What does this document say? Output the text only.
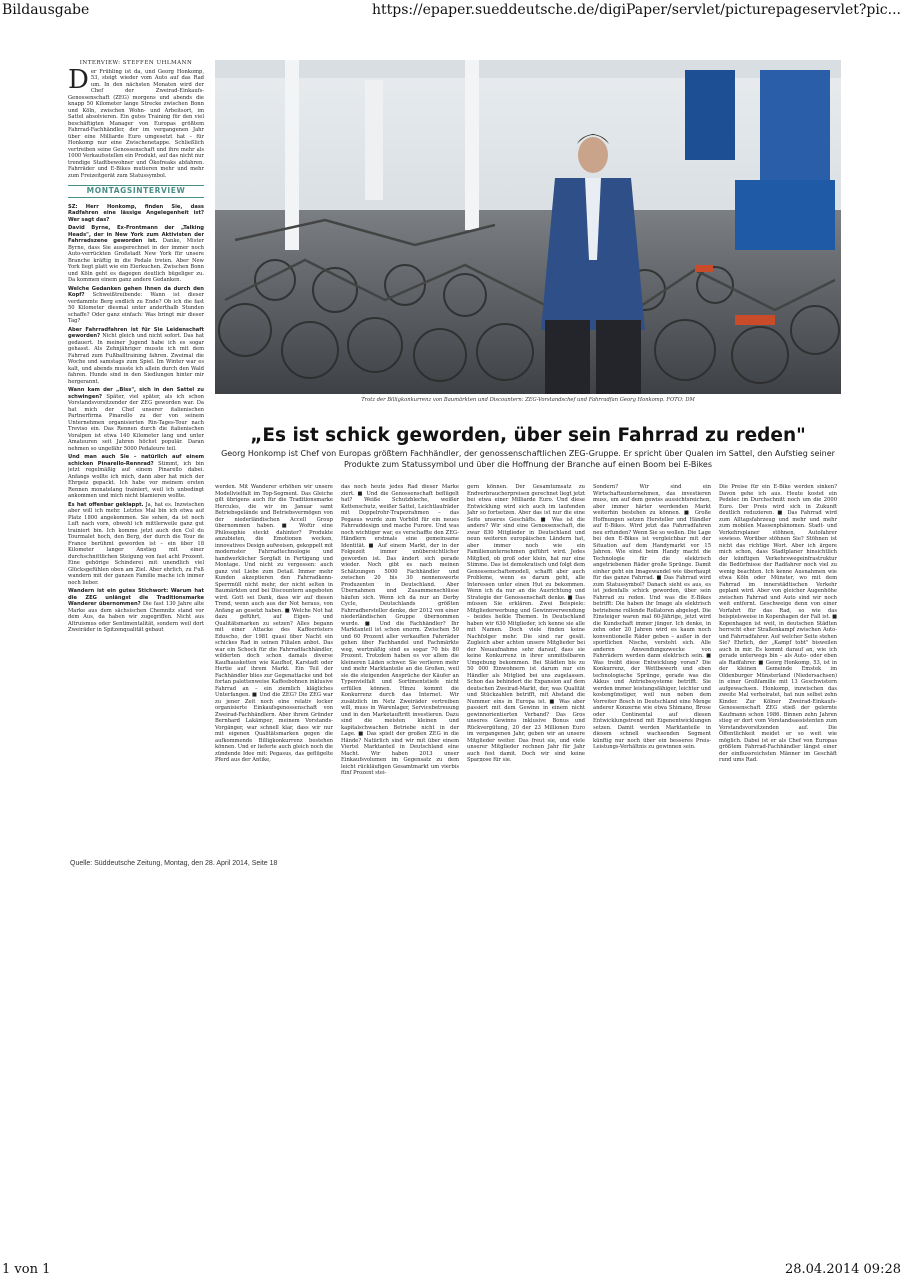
Bildausgabe	https://epaper.sueddeutsche.de/digiPaper/servlet/picturepageservlet?pic...

INTERVIEW: STEFFEN UHLMANN

Der Frühling ist da, und Georg Honkomp, 53, steigt wieder vom Auto auf das Rad um. In den nächsten Monaten wird der Chef der Zweirad-Einkaufs-Genossenschaft (ZEG) morgens und abends die knapp 50 Kilometer lange Strecke zwischen Bonn und Köln, zwischen Wohn- und Arbeitsort, im Sattel absolvieren. Ein gutes Training für den viel beschäftigten Manager von Europas größtem Fahrrad-Fachhändler, der im vergangenen Jahr über eine Milliarde Euro umgesetzt hat – für Honkomp nur eine Zwischenetappe. Schließlich vertreiben seine Genossenschaft und ihre mehr als 1000 Verkaufsstellen ein Produkt, auf das nicht nur trendige Stadtbewohner und Ökofreaks abfahren. Fahrräder und E-Bikes mutieren mehr und mehr zum Freizeitgerät zum Statussymbol.

MONTAGSINTERVIEW

SZ: Herr Honkomp, finden Sie, dass Radfahren eine lässige Angelegenheit ist? Wer sagt das?

David Byrne, Ex-Frontmann der „Talking Heads", der in New York zum Aktivisten der Fahrradszene geworden ist. Danke, Mister Byrne, dass Sie ausgerechnet in der immer noch Auto-verrückten Großstadt New York für unsere Branche kräftig in die Pedale treten. Aber New York liegt platt wie ein Eierkuchen. Zwischen Bonn und Köln geht es dagegen deutlich bügeliger zu. Da kommen einem ganz andere Gedanken.

Welche Gedanken gehen Ihnen da durch den Kopf? Schweißtreibende: Wann ist dieser verdammte Berg endlich zu Ende? Ob ich die fast 50 Kilometer diesmal unter anderthalb Stunden schaffe? Oder ganz einfach: Was bringt mir dieser Tag?

Aber Fahrradfahren ist für Sie Leidenschaft geworden? Nicht gleich und nicht sofort. Das hat gedauert. In meiner Jugend habe ich es sogar gehasst. Als Zehnjähriger musste ich mit dem Fahrrad zum Fußballtraining fahren. Zweimal die Woche und samstags zum Spiel. Im Winter war es kalt, und abends musste ich allein durch den Wald fahren. Hunde sind in den Siedlungen hinter mir hergerannt.

Wann kam der „Biss", sich in den Sattel zu schwingen? Später, viel später, als ich schon Vorstandsvorsitzender der ZEG geworden war. Da hat mich der Chef unserer italienischen Partnerfirma Pinarello zu der von seinem Unternehmen organisierten Rin-Tages-Tour nach Treviso ein. Das Rennen durch die italienischen Voralpen ist etwa 140 Kilometer lang und unter Amateuren seit Jahren höchst populär. Daran nehmen so ungefähr 5000 Pedaleure teil.

Und man auch Sie – natürlich auf einem schicken Pinarello-Rennrad? Stimmt, ich bin jetzt regelmäßig auf einem Pinarello dabei. Anfangs wollte ich mich, dann aber hat mich der Ehrgeiz gepackt. Ich habe vor meinem ersten Rennen monatelang trainiert, weil ich unbedingt ankommen und mich nicht blamieren wollte.

Es hat offenbar geklappt. Ja, hat es. Inzwischen aber will ich mehr. Letztes Mal bin ich etwa auf Platz 1800 angekommen. Sie sehen, da ist noch Luft nach vorn, obwohl ich mittlerweile ganz gut trainiert bin. Ich komme jetzt auch den Col du Tourmalet hoch, den Berg, der durch die Tour de France berühmt geworden ist – ein über 18 Kilometer langer Anstieg mit einer durchschnittlichen Steigung von fast acht Prozent. Eine gehörige Schinderei mit unendlich viel Glücksgefühlen oben am Ziel. Aber ehrlich, zu Fuß wandern mit der ganzen Familie mache ich immer noch lieber.

Wandern ist ein gutes Stichwort: Warum hat die ZEG unlängst die Traditionsmarke Wanderer übernommen? Die fast 130 Jahre alte Marke aus dem sächsischen Chemnitz stand vor dem Aus, da haben wir zugegriffen. Nicht aus Altruismus oder Sentimentalität, sondern weil dort Zweiräder in Spitzenqualität gebaut

Trotz der Billigkonkurrenz von Baumärkten und Discountern: ZEG-Vorstandschef und Fahrradfan Georg Honkomp. FOTO: DM
„Es ist schick geworden, über sein Fahrrad zu reden"
Georg Honkomp ist Chef von Europas größtem Fachhändler, der genossenschaftlichen ZEG-Gruppe. Er spricht über Qualen im Sattel, den Aufstieg seiner Produkte zum Statussymbol und über die Hoffnung der Branche auf einen Boom bei E-Bikes

werden. Mit Wanderer erhöhen wir unsere Modellvielfalt im Top-Segment. Das Gleiche gilt übrigens auch für die Traditionsmarke Hercules, die wir im Januar samt Betriebsgelände und Betriebsvermögen von der niederländischen Accell Group übernommen haben. ■ Wofür eine Philosophie steckt dahinter? Produkte anzubieten, die Emotionen wecken, innovatives Design aufweisen, gekoppelt mit modernster Fahrradtechnologie und handwerklicher Sorgfalt in Fertigung und Montage. Und nicht zu vergessen: auch ganz viel Liebe zum Detail. Immer mehr Kunden akzeptieren den Fahrradkenn-Sperrmüll nicht mehr, der nicht selten in Baumärkten und bei Discountern angeboten wird. Gott sei Dank, dass wir auf diesen Trend, wenn auch aus der Not heraus, von Anfang an gesetzt haben. ■ Welche Not hat dazu geführt, auf Eigen- und Qualitätsmarken zu setzen? Alles begann mit einer Attacke des Kaffeerösters Eduscho, der 1981 quasi über Nacht ein schickes Rad in seinen Filialen anbot. Das war ein Schock für die Fahrradfachhändler, wilderten doch schon damals diverse Kaufhausketten wie Kaufhof, Karstadt oder Hertie auf ihrem Markt. Ein Teil der Fachhändler blies zur Gegenattacke und bot fortan palettenweise Kaffeebohnen inklusive Fahrrad an – ein ziemlich klägliches Unterfangen. ■ Und die ZEG? Die ZEG war zu jener Zeit noch eine relativ locker organisierte Einkaufsgenossenschaft von Zweirad-Fachhändlern. Aber ihrem Gründer Bernhard Lakämper, meinem Vorstands-Vorgänger, war schnell klar, dass wir nur mit eigenen Qualitätsmarken gegen die aufkommende Billigkonkurrenz bestehen können. Und er lieferte auch gleich noch die zündende Idee mit: Pegasus, das geflügelte Pferd aus der Antike,

das noch heute jedes Rad dieser Marke ziert. ■ Und die Genossenschaft beflügelt hat? Weiße Schutzbleche, weißer Kettenschutz, weißer Sattel, Leichtlaufräder mit Doppelrohr-Trapezrahmen – das Pegasus wurde zum Vorbild für ein neues Fahrraddesign und mache Furore. Und was noch wichtiger war, es verschaffte den ZEG-Händlern erstmals eine gemeinsame Identität. ■ Auf einem Markt, der in der Folgezeit immer unübersichtlicher geworden ist. Das ändert sich gerade wieder. Noch gibt es nach meinen Schätzungen 5000 Fachhändler und zwischen 20 bis 30 nennenswerte Produzenten in Deutschland. Aber Übernahmen und Zusammenschlüsse häufen sich. Wenn ich da nur an Derby Cycle, Deutschlands größten Fahrradhersteller denke, der 2012 von einer niederländischen Gruppe übernommen wurde. ■ Und die Fachhändler? Ihr Marktanteil ist schon enorm. Zwischen 50 und 60 Prozent aller verkauften Fahrräder gehen über Fachhandel und Fachmärkte weg, wertmäßig sind es sogar 70 bis 80 Prozent. Trotzdem haben es vor allem die kleineren Läden schwer. Sie verlieren mehr und mehr Marktanteile an die Großen, weil sie die steigenden Ansprüche der Käufer an Typenvielfalt und Sortimentstiefe nicht erfüllen können. Hinzu kommt die Konkurrenz durch das Internet. Wir zusätzlich im Netz Zweiräder vertreiben will, muss in Warenlager, Servicebetreuung und in den Marketauftritt investieren. Dazu sind die meisten kleinen und kapitalschwachen Betriebe nicht in der Lage. ■ Das spielt der großen ZEG in die Hände? Natürlich sind wir mit über einem Viertel Marktanteil in Deutschland eine Macht. Wir haben 2013 unser Einkaufsvolumen im Gegensatz zu dem leicht rückläufigen Gesamtmarkt um vierbis fünf Prozent stei-

gern können. Der Gesamtumsatz zu Endverbraucherpreisen gerechnet liegt jetzt bei etwa einer Milliarde Euro. Und diese Entwicklung wird sich auch im laufenden Jahr so fortsetzen. Aber das ist nur die eine Seite unseres Geschäfts. ■ Was ist die andere? Wir sind eine Genossenschaft, die zwar 830 Mitglieder in Deutschland und neun weiteren europäischen Ländern hat, aber immer noch wie ein Familienunternehmen geführt wird. Jedes Mitglied, ob groß oder klein, hat nur eine Stimme. Das ist demokratisch und folgt dem Genossenschaftsmodell, schafft aber auch Probleme, wenn es darum geht, alle Interessen unter einen Hut zu bekommen. Wenn ich da nur an die Ausrichtung und Strategie der Genossenschaft denke. ■ Das müssen Sie erklären. Zwei Beispiele: Mitgliederwerbung und Gewinnverwendung – beides heikle Themen. In Deutschland haben wir 630 Mitglieder, ich kenne sie alle mit Namen. Doch viele finden keine Nachfolger mehr. Die sind rar gesät. Zugleich aber achten unsere Mitglieder bei der Neuaufnahme sehr darauf, dass sie keine Konkurrenz in ihrer unmittelbaren Umgebung bekommen. Bei Städten bis zu 50 000 Einwohnern ist darum nur ein Händler als Mitglied bei uns zugelassen. Schon das behindert die Expansion auf dem deutschen Zweirad-Markt, der, was Qualität und Stückzahlen betrifft, mit Abstand die Nummer eins in Europa ist. ■ Was aber passiert mit dem Gewinn in einem nicht gewinnorientierten Verband? Das Gros unseres Gewinns inklusive Bonus und Rückvergütung, 20 der 23 Millionen Euro im vergangenen Jahr, geben wir an unsere Mitglieder weiter. Das freut sie, und viele unserer Mitglieder rechnen Jahr für Jahr auch fest damit. Doch wir sind keine Sparдose für sie.

Sondern? Wir sind ein Wirtschaftsunternehmen, das investieren muss, um auf dem gewiss aussichtsreichen, aber immer härter werdenden Markt weiterhin bestehen zu können. ■ Große Hoffnungen setzen Hersteller und Händler auf E-Bikes. Wird jetzt das Fahrradfahren neu erfunden? Wenn Sie so wollen. Die Lage bei den E-Bikes ist vergleichbar mit der Situation auf dem Handymarkt vor 15 Jahren. Wie einst beim Handy macht die Technologie für die elektrisch angetriebenen Räder große Sprünge. Damit einher geht ein Imagewandel wie überhaupt für das ganze Fahrrad. ■ Das Fahrrad wird zum Statussymbol? Danach sieht es aus, es ist jedenfalls schick geworden, über sein Fahrrad zu reden. Und was die E-Bikes betrifft: Die haben ihr Image als elektrisch betriebene rollende Rollatoren abgelegt. Die Einsteiger waren mal 60-Jährige, jetzt wird die Kundschaft immer jünger. Ich denke, in zehn oder 20 Jahren wird es kaum noch konventionelle Räder geben – außer in der sportlichen Nische, versteht sich. Alle anderen Anwendungszwecke von Fahrrädern werden dann elektrisch sein. ■ Was treibt diese Entwicklung voran? Die Konkurrenz, der Wettbewerb und eben technologische Sprünge, gerade was die Akkus und Antriebssysteme betrifft. Sie werden immer leistungsfähiger, leichter und kostengünstiger, weil nun neben dem Vorreiter Bosch in Deutschland eine Menge anderer Konzerne wie etwa Shimano, Brose oder Continental auf diesen Entwicklungstrend mit Eigenentwicklungen setzen. Damit werden Marktanteile in diesem schnell wachsenden Segment künftig nur noch über ein besseres Preis-Leistungs-Verhältnis zu gewinnen sein.

Die Preise für ein E-Bike werden sinken? Davon gehe ich aus. Heute kostet ein Pedelec im Durchschnitt noch um die 2000 Euro. Der Preis wird sich in Zukunft deutlich reduzieren. ■ Das Fahrrad wird zum Alltagsfahrzeug und mehr und mehr zum mobilen Massenphänomen. Stadt- und Verkehrsplaner stöhnen, Autofahrer sowieso. Worüber stöhnen Sie? Stöhnen ist nicht das richtige Wort. Aber ich ärgere mich schon, dass Stadtplaner hinsichtlich der künftigen Verkehrswegeinfrastruktur die Bedürfnisse der Radfahrer noch viel zu wenig beachten. Ich kenne Ausnahmen wie etwa Köln oder Münster, wo mit dem Fahrrad im innerstädtischen Verkehr geplant wird. Aber von gleicher Augenhöhe zwischen Fahrrad und Auto sind wir noch weit entfernt. Geschweige denn von einer Vorfahrt für das Rad, so wie das beispielsweise in Kopenhagen der Fall ist. ■ Kopenhagen ist weit, in deutschen Städten herrscht eher Straßenkampf zwischen Auto- und Fahrradfahrer. Auf welcher Seite stehen Sie? Ehrlich, der „Kampf tobt" bisweilen auch in mir. Es kommt darauf an, wie ich gerade unterwegs bin – als Auto- oder eben als Radfahrer. ■ Georg Honkomp, 53, ist in der kleinen Gemeinde Emstek im Oldenburger Münsterland (Niedersachsen) in einer Großfamilie mit 13 Geschwistern aufgewachsen. Honkomp, inzwischen das zweite Mal verheiratet, hat nun selbst zehn Kinder. Zur Kölner Zweirad-Einkaufs-Genossenschaft ZEG stieß der gelernte Kaufmann schon 1986. Binnen zehn Jahren stieg er dort vom Vorstandsassistenten zum Vorstandsvorsitzenden auf. Die Öffentlichkeit meidet er so weit wie möglich. Dabei ist er als Chef von Europas größtem Fahrrad-Fachhändler längst einer der einflussreichsten Männer im Geschäft rund ums Rad.

Quelle: Süddeutsche Zeitung, Montag, den 28. April 2014, Seite 18
1 von 1	28.04.2014 09:28
